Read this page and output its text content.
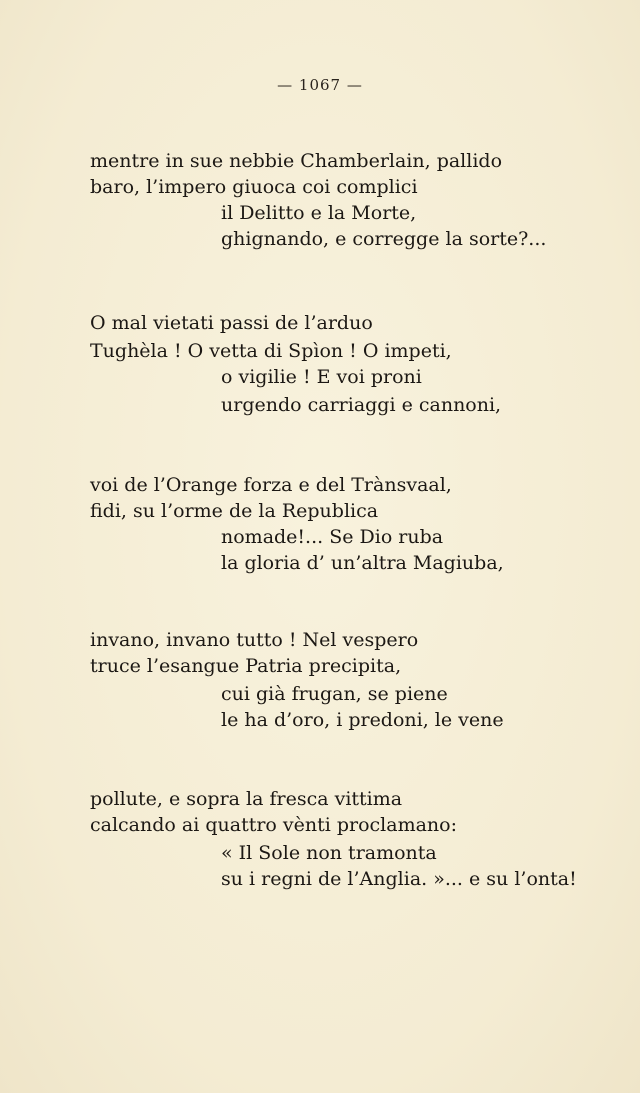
— 1067 —
mentre in sue nebbie Chamberlain, pallido
baro, l’impero giuoca coi complici
il Delitto e la Morte,
ghignando, e corregge la sorte?...
O mal vietati passi de l’arduo
Tughèla ! O vetta di Spìon ! O impeti,
o vigilie ! E voi proni
urgendo carriaggi e cannoni,
voi de l’Orange forza e del Trànsvaal,
fidi, su l’orme de la Republica
nomade!... Se Dio ruba
la gloria d’ un’altra Magiuba,
invano, invano tutto ! Nel vespero
truce l’esangue Patria precipita,
cui già frugan, se piene
le ha d’oro, i predoni, le vene
pollute, e sopra la fresca vittima
calcando ai quattro vènti proclamano:
« Il Sole non tramonta
su i regni de l’Anglia. »... e su l’onta!
